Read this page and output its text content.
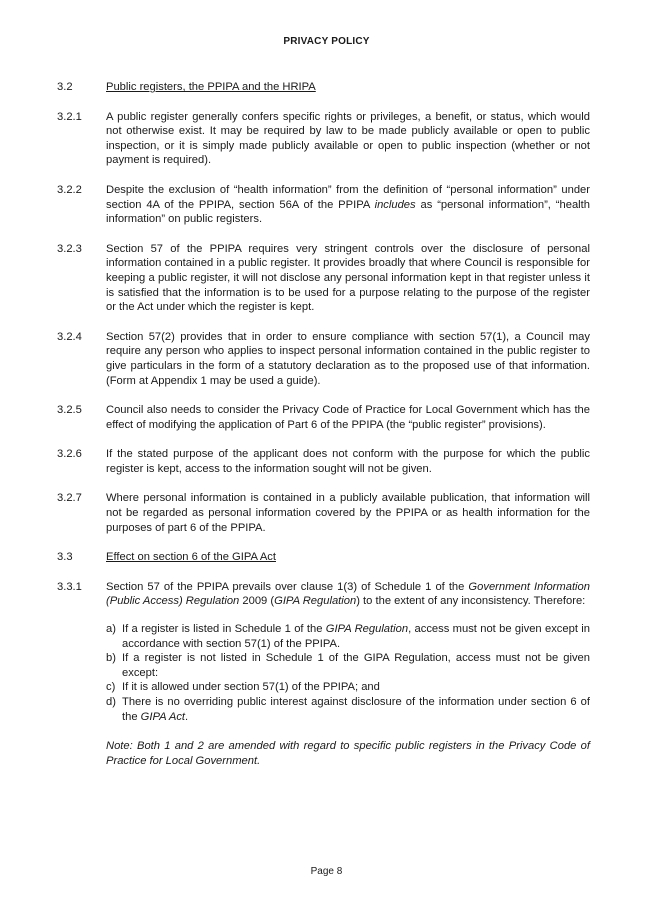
PRIVACY POLICY
3.2	Public registers, the PPIPA and the HRIPA
3.2.1	A public register generally confers specific rights or privileges, a benefit, or status, which would not otherwise exist. It may be required by law to be made publicly available or open to public inspection, or it is simply made publicly available or open to public inspection (whether or not payment is required).
3.2.2	Despite the exclusion of “health information” from the definition of “personal information” under section 4A of the PPIPA, section 56A of the PPIPA includes as “personal information”, “health information” on public registers.
3.2.3	Section 57 of the PPIPA requires very stringent controls over the disclosure of personal information contained in a public register. It provides broadly that where Council is responsible for keeping a public register, it will not disclose any personal information kept in that register unless it is satisfied that the information is to be used for a purpose relating to the purpose of the register or the Act under which the register is kept.
3.2.4	Section 57(2) provides that in order to ensure compliance with section 57(1), a Council may require any person who applies to inspect personal information contained in the public register to give particulars in the form of a statutory declaration as to the proposed use of that information. (Form at Appendix 1 may be used a guide).
3.2.5	Council also needs to consider the Privacy Code of Practice for Local Government which has the effect of modifying the application of Part 6 of the PPIPA (the “public register” provisions).
3.2.6	If the stated purpose of the applicant does not conform with the purpose for which the public register is kept, access to the information sought will not be given.
3.2.7	Where personal information is contained in a publicly available publication, that information will not be regarded as personal information covered by the PPIPA or as health information for the purposes of part 6 of the PPIPA.
3.3	Effect on section 6 of the GIPA Act
3.3.1	Section 57 of the PPIPA prevails over clause 1(3) of Schedule 1 of the Government Information (Public Access) Regulation 2009 (GIPA Regulation) to the extent of any inconsistency. Therefore:
a) If a register is listed in Schedule 1 of the GIPA Regulation, access must not be given except in accordance with section 57(1) of the PPIPA.
b) If a register is not listed in Schedule 1 of the GIPA Regulation, access must not be given except:
c) If it is allowed under section 57(1) of the PPIPA; and
d) There is no overriding public interest against disclosure of the information under section 6 of the GIPA Act.
Note: Both 1 and 2 are amended with regard to specific public registers in the Privacy Code of Practice for Local Government.
Page 8
